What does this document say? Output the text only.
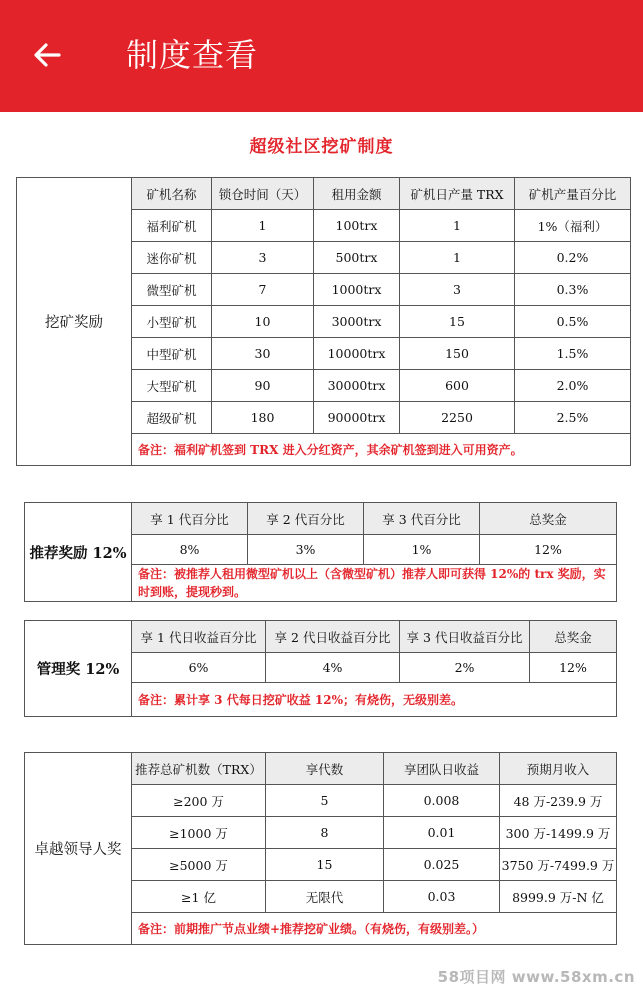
制度查看
超级社区挖矿制度
挖矿奖励	矿机名称	锁仓时间（天）	租用金额	矿机日产量 TRX	矿机产量百分比
	福利矿机	1	100trx	1	1%（福利）
	迷你矿机	3	500trx	1	0.2%
	微型矿机	7	1000trx	3	0.3%
	小型矿机	10	3000trx	15	0.5%
	中型矿机	30	10000trx	150	1.5%
	大型矿机	90	30000trx	600	2.0%
	超级矿机	180	90000trx	2250	2.5%
	备注：福利矿机签到 TRX 进入分红资产，其余矿机签到进入可用资产。				
推荐奖励 12%	享 1 代百分比	享 2 代百分比	享 3 代百分比	总奖金
	8%	3%	1%	12%
	备注：被推荐人租用微型矿机以上（含微型矿机）推荐人即可获得 12%的 trx 奖励，实时到账，提现秒到。			
管理奖 12%	享 1 代日收益百分比	享 2 代日收益百分比	享 3 代日收益百分比	总奖金
	6%	4%	2%	12%
	备注：累计享 3 代每日挖矿收益 12%；有烧伤，无级别差。			
卓越领导人奖	推荐总矿机数（TRX）	享代数	享团队日收益	预期月收入
	≥200 万	5	0.008	48 万-239.9 万
	≥1000 万	8	0.01	300 万-1499.9 万
	≥5000 万	15	0.025	3750 万-7499.9 万
	≥1 亿	无限代	0.03	8999.9 万-N 亿
	备注：前期推广节点业绩+推荐挖矿业绩。（有烧伤，有级别差。）			
58项目网 www.58xm.cn
